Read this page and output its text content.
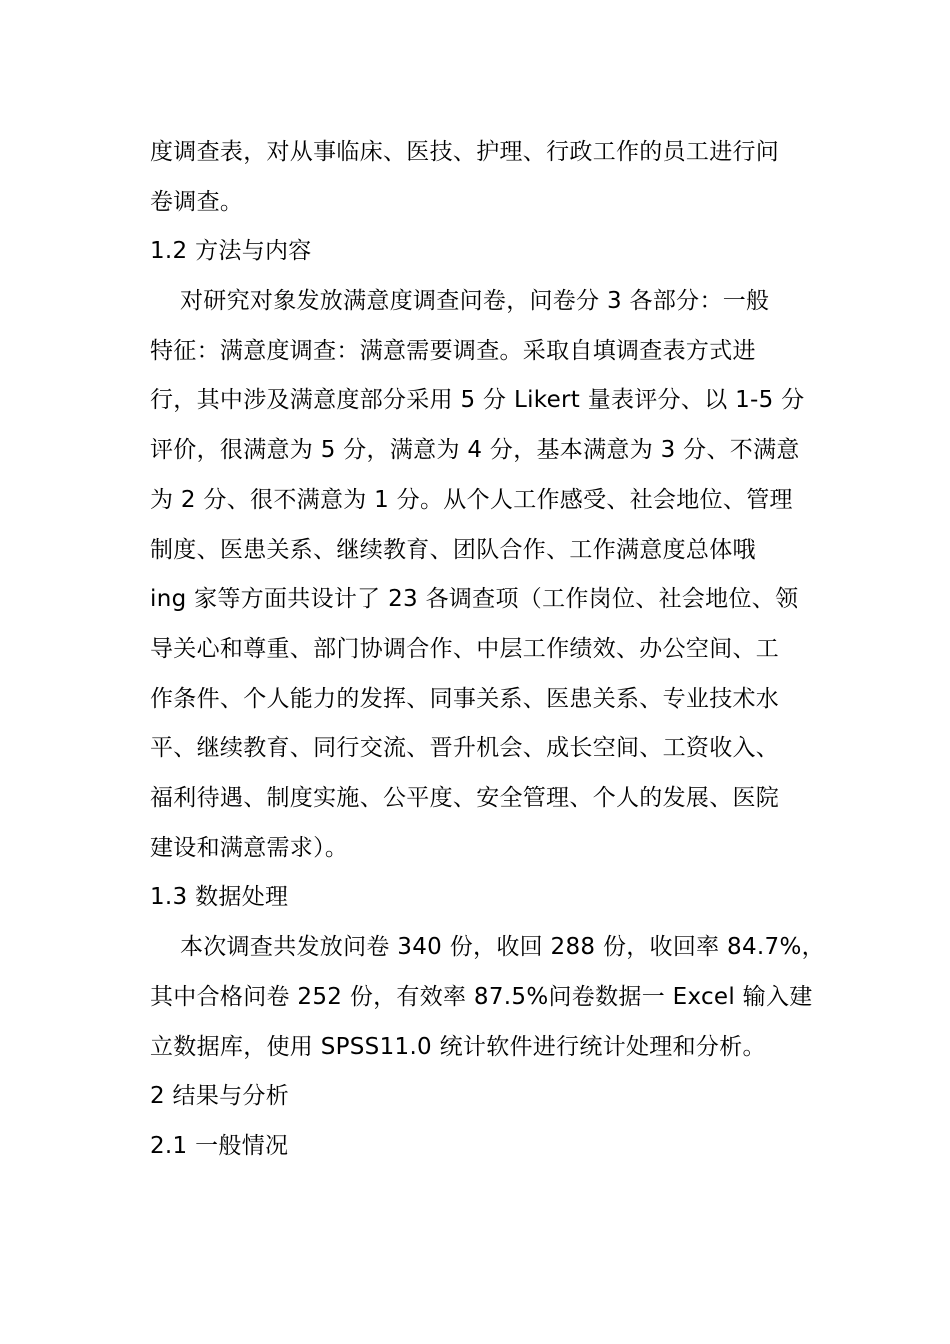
度调查表，对从事临床、医技、护理、行政工作的员工进行问
卷调查。
1.2 方法与内容
对研究对象发放满意度调查问卷，问卷分 3 各部分：一般
特征：满意度调查：满意需要调查。采取自填调查表方式进
行，其中涉及满意度部分采用 5 分 Likert 量表评分、以 1-5 分
评价，很满意为 5 分，满意为 4 分，基本满意为 3 分、不满意
为 2 分、很不满意为 1 分。从个人工作感受、社会地位、管理
制度、医患关系、继续教育、团队合作、工作满意度总体哦
ing 家等方面共设计了 23 各调查项（工作岗位、社会地位、领
导关心和尊重、部门协调合作、中层工作绩效、办公空间、工
作条件、个人能力的发挥、同事关系、医患关系、专业技术水
平、继续教育、同行交流、晋升机会、成长空间、工资收入、
福利待遇、制度实施、公平度、安全管理、个人的发展、医院
建设和满意需求）。
1.3 数据处理
本次调查共发放问卷 340 份，收回 288 份，收回率 84.7%，
其中合格问卷 252 份，有效率 87.5%问卷数据一 Excel 输入建
立数据库，使用 SPSS11.0 统计软件进行统计处理和分析。
2 结果与分析
2.1 一般情况
